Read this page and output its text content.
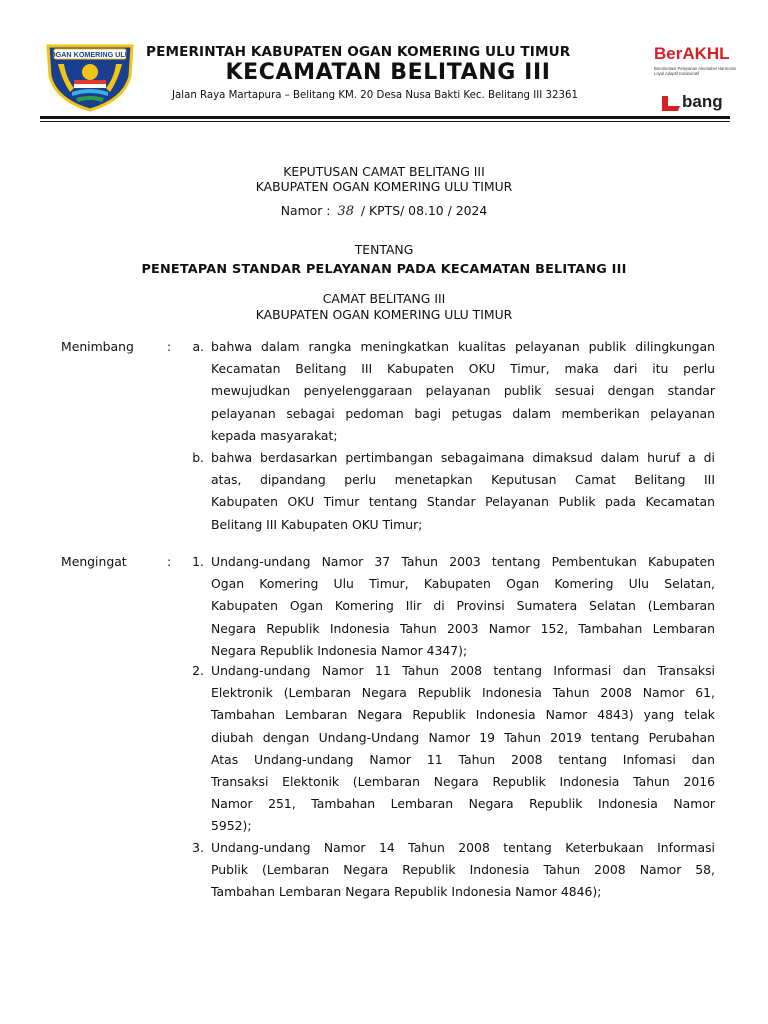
OGAN KOMERING ULU PEMERINTAH KABUPATEN OGAN KOMERING ULU TIMUR
KECAMATAN BELITANG III
Jalan Raya Martapura – Belitang KM. 20 Desa Nusa Bakti Kec. Belitang III 32361
BerAKHL
Berorientasi Pelayanan Akuntabel Harmonis Loyal Adaptif Kolaboratif
bang
KEPUTUSAN CAMAT BELITANG III
KABUPATEN OGAN KOMERING ULU TIMUR
Namor : 38 / KPTS/ 08.10 / 2024
TENTANG
PENETAPAN STANDAR PELAYANAN PADA KECAMATAN BELITANG III
CAMAT BELITANG III
KABUPATEN OGAN KOMERING ULU TIMUR
Menimbang	:	a. bahwa dalam rangka meningkatkan kualitas pelayanan publik dilingkungan
Kecamatan Belitang III Kabupaten OKU Timur, maka dari itu perlu
mewujudkan penyelenggaraan pelayanan publik sesuai dengan standar
pelayanan sebagai pedoman bagi petugas dalam memberikan pelayanan
kepada masyarakat;
b. bahwa berdasarkan pertimbangan sebagaimana dimaksud dalam huruf a di
atas, dipandang perlu menetapkan Keputusan Camat Belitang III
Kabupaten OKU Timur tentang Standar Pelayanan Publik pada Kecamatan
Belitang III Kabupaten OKU Timur;
Mengingat	:	1. Undang-undang Namor 37 Tahun 2003 tentang Pembentukan Kabupaten
Ogan Komering Ulu Timur, Kabupaten Ogan Komering Ulu Selatan,
Kabupaten Ogan Komering Ilir di Provinsi Sumatera Selatan (Lembaran
Negara Republik Indonesia Tahun 2003 Namor 152, Tambahan Lembaran
Negara Republik Indonesia Namor 4347);
2. Undang-undang Namor 11 Tahun 2008 tentang Informasi dan Transaksi
Elektronik (Lembaran Negara Republik Indonesia Tahun 2008 Namor 61,
Tambahan Lembaran Negara Republik Indonesia Namor 4843) yang telak
diubah dengan Undang-Undang Namor 19 Tahun 2019 tentang Perubahan
Atas Undang-undang Namor 11 Tahun 2008 tentang Infomasi dan
Transaksi Elektonik (Lembaran Negara Republik Indonesia Tahun 2016
Namor 251, Tambahan Lembaran Negara Republik Indonesia Namor
5952);
3. Undang-undang Namor 14 Tahun 2008 tentang Keterbukaan Informasi
Publik (Lembaran Negara Republik Indonesia Tahun 2008 Namor 58,
Tambahan Lembaran Negara Republik Indonesia Namor 4846);
